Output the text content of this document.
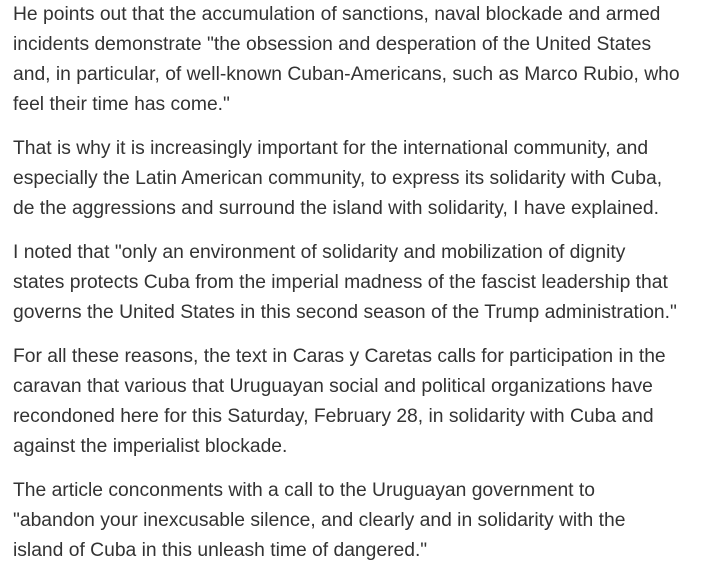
He points out that the accumulation of sanctions, naval blockade and armed
incidents demonstrate "the obsession and desperation of the United States
and, in particular, of well-known Cuban-Americans, such as Marco Rubio, who
feel their time has come."

That is why it is increasingly important for the international community, and
especially the Latin American community, to express its solidarity with Cuba,
de the aggressions and surround the island with solidarity, I have explained.

I noted that "only an environment of solidarity and mobilization of dignity
states protects Cuba from the imperial madness of the fascist leadership that
governs the United States in this second season of the Trump administration."

For all these reasons, the text in Caras y Caretas calls for participation in the
caravan that various that Uruguayan social and political organizations have
recondoned here for this Saturday, February 28, in solidarity with Cuba and
against the imperialist blockade.

The article conconments with a call to the Uruguayan government to
"abandon your inexcusable silence, and clearly and in solidarity with the
island of Cuba in this unleash time of dangered."
